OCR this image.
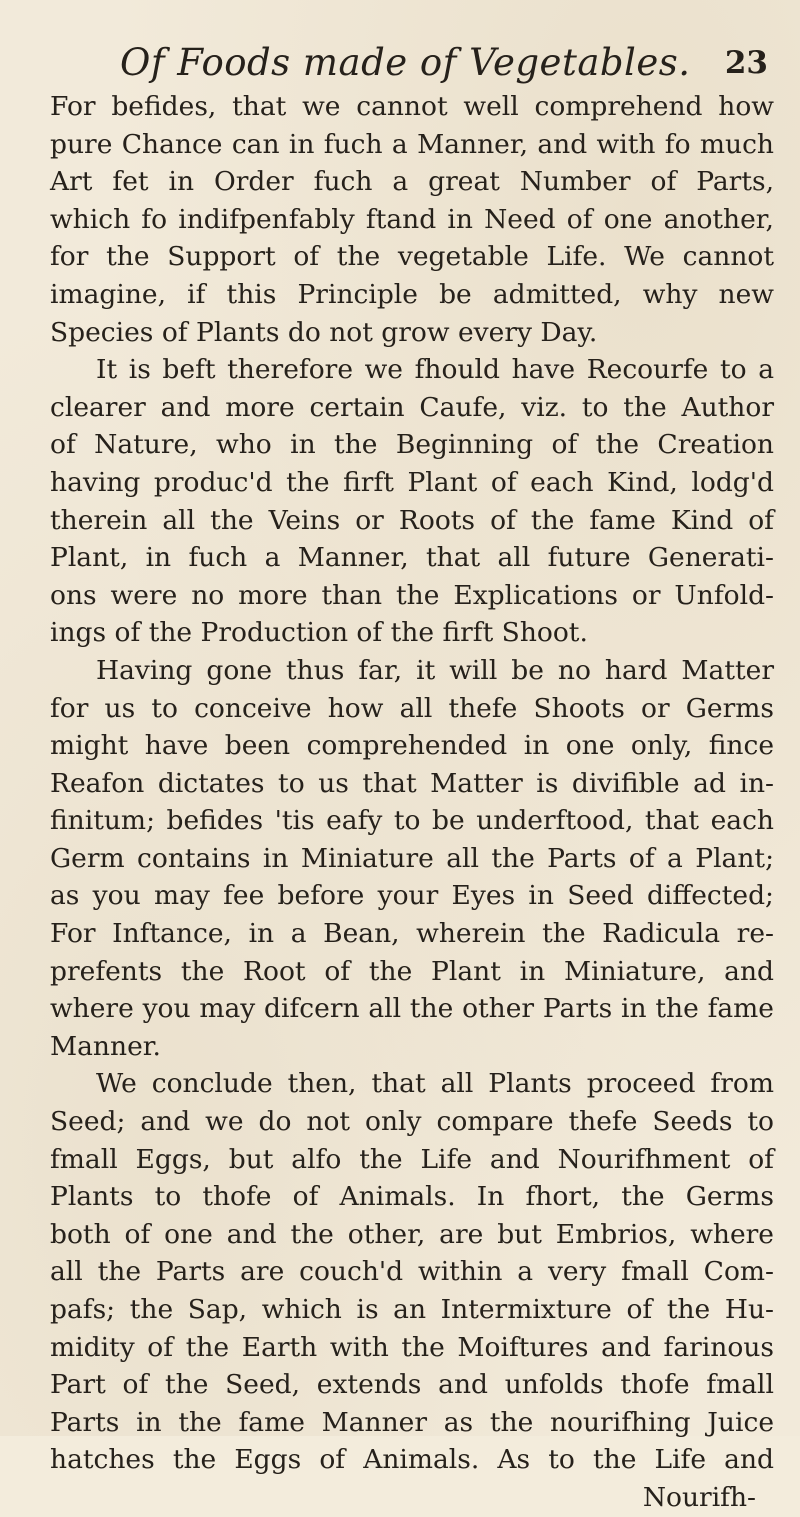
Of Foods made of Vegetables.	23
For befides, that we cannot well comprehend how
pure Chance can in fuch a Manner, and with fo much
Art fet in Order fuch a great Number of Parts,
which fo indifpenfably ftand in Need of one another,
for the Support of the vegetable Life. We cannot
imagine, if this Principle be admitted, why new
Species of Plants do not grow every Day.
It is beft therefore we fhould have Recourfe to a
clearer and more certain Caufe, viz. to the Author
of Nature, who in the Beginning of the Creation
having produc'd the firft Plant of each Kind, lodg'd
therein all the Veins or Roots of the fame Kind of
Plant, in fuch a Manner, that all future Generati-
ons were no more than the Explications or Unfold-
ings of the Production of the firft Shoot.
Having gone thus far, it will be no hard Matter
for us to conceive how all thefe Shoots or Germs
might have been comprehended in one only, fince
Reafon dictates to us that Matter is divifible ad in-
finitum; befides 'tis eafy to be underftood, that each
Germ contains in Miniature all the Parts of a Plant;
as you may fee before your Eyes in Seed diffected;
For Inftance, in a Bean, wherein the Radicula re-
prefents the Root of the Plant in Miniature, and
where you may difcern all the other Parts in the fame
Manner.
We conclude then, that all Plants proceed from
Seed; and we do not only compare thefe Seeds to
fmall Eggs, but alfo the Life and Nourifhment of
Plants to thofe of Animals. In fhort, the Germs
both of one and the other, are but Embrios, where
all the Parts are couch'd within a very fmall Com-
pafs; the Sap, which is an Intermixture of the Hu-
midity of the Earth with the Moiftures and farinous
Part of the Seed, extends and unfolds thofe fmall
Parts in the fame Manner as the nourifhing Juice
hatches the Eggs of Animals. As to the Life and
Nourifh-
